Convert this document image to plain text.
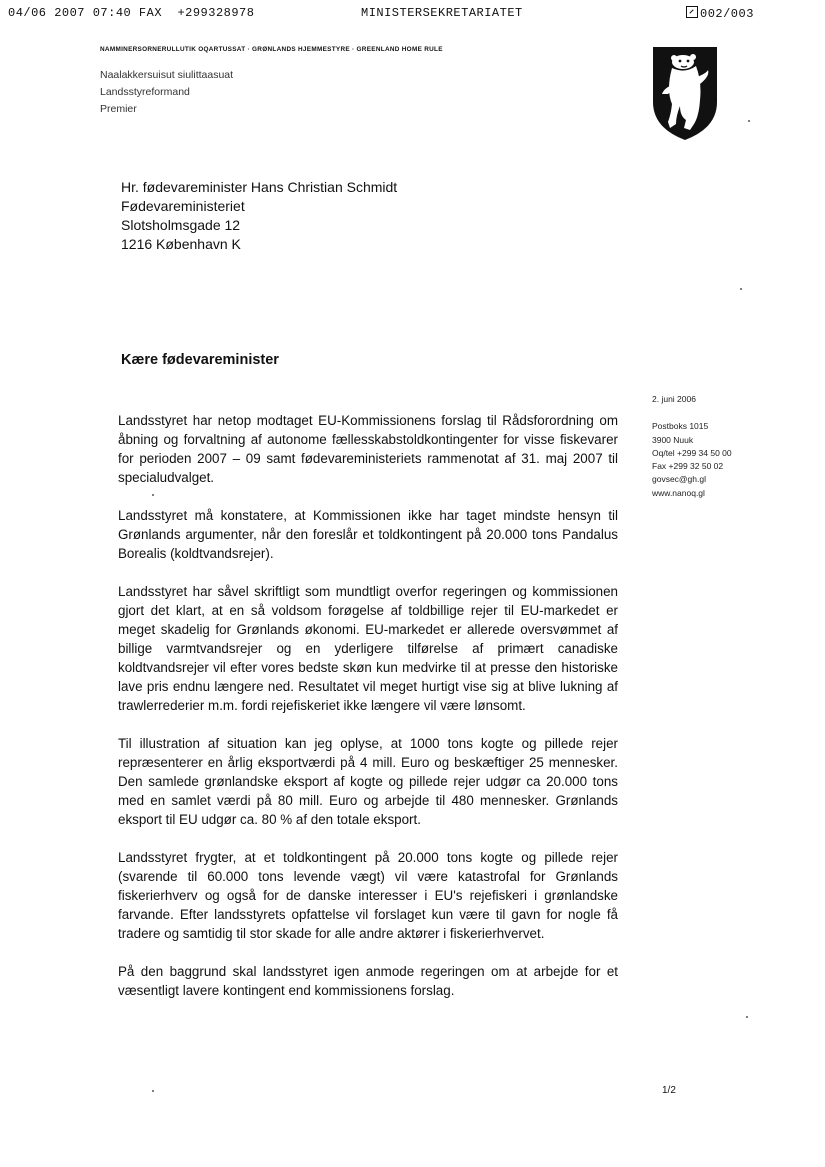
04/06 2007 07:40 FAX +299328978	MINISTERSEKRETARIATET	002/003
NAMMINERSORNERULLUTIK OQARTUSSAT · GRØNLANDS HJEMMESTYRE · GREENLAND HOME RULE
Naalakkersuisut siulittaasuat
Landsstyreformand
Premier
Hr. fødevareminister Hans Christian Schmidt
Fødevareministeriet
Slotsholmsgade 12
1216 København K
Kære fødevareminister
2. juni 2006
Postboks 1015
3900 Nuuk
Oq/tel +299 34 50 00
Fax +299 32 50 02
govsec@gh.gl
www.nanoq.gl

Landsstyret har netop modtaget EU-Kommissionens forslag til Rådsforordning om åbning og forvaltning af autonome fællesskabstoldkontingenter for visse fiskevarer for perioden 2007 – 09 samt fødevareministeriets rammenotat af 31. maj 2007 til specialudvalget.

Landsstyret må konstatere, at Kommissionen ikke har taget mindste hensyn til Grønlands argumenter, når den foreslår et toldkontingent på 20.000 tons Pandalus Borealis (koldtvandsrejer).

Landsstyret har såvel skriftligt som mundtligt overfor regeringen og kommissionen gjort det klart, at en så voldsom forøgelse af toldbillige rejer til EU-markedet er meget skadelig for Grønlands økonomi. EU-markedet er allerede oversvømmet af billige varmtvandsrejer og en yderligere tilførelse af primært canadiske koldtvandsrejer vil efter vores bedste skøn kun medvirke til at presse den historiske lave pris endnu længere ned. Resultatet vil meget hurtigt vise sig at blive lukning af trawlerrederier m.m. fordi rejefiskeriet ikke længere vil være lønsomt.

Til illustration af situation kan jeg oplyse, at 1000 tons kogte og pillede rejer repræsenterer en årlig eksportværdi på 4 mill. Euro og beskæftiger 25 mennesker. Den samlede grønlandske eksport af kogte og pillede rejer udgør ca 20.000 tons med en samlet værdi på 80 mill. Euro og arbejde til 480 mennesker. Grønlands eksport til EU udgør ca. 80 % af den totale eksport.

Landsstyret frygter, at et toldkontingent på 20.000 tons kogte og pillede rejer (svarende til 60.000 tons levende vægt) vil være katastrofal for Grønlands fiskerierhverv og også for de danske interesser i EU's rejefiskeri i grønlandske farvande. Efter landsstyrets opfattelse vil forslaget kun være til gavn for nogle få tradere og samtidig til stor skade for alle andre aktører i fiskerierhvervet.

På den baggrund skal landsstyret igen anmode regeringen om at arbejde for et væsentligt lavere kontingent end kommissionens forslag.

1/2
